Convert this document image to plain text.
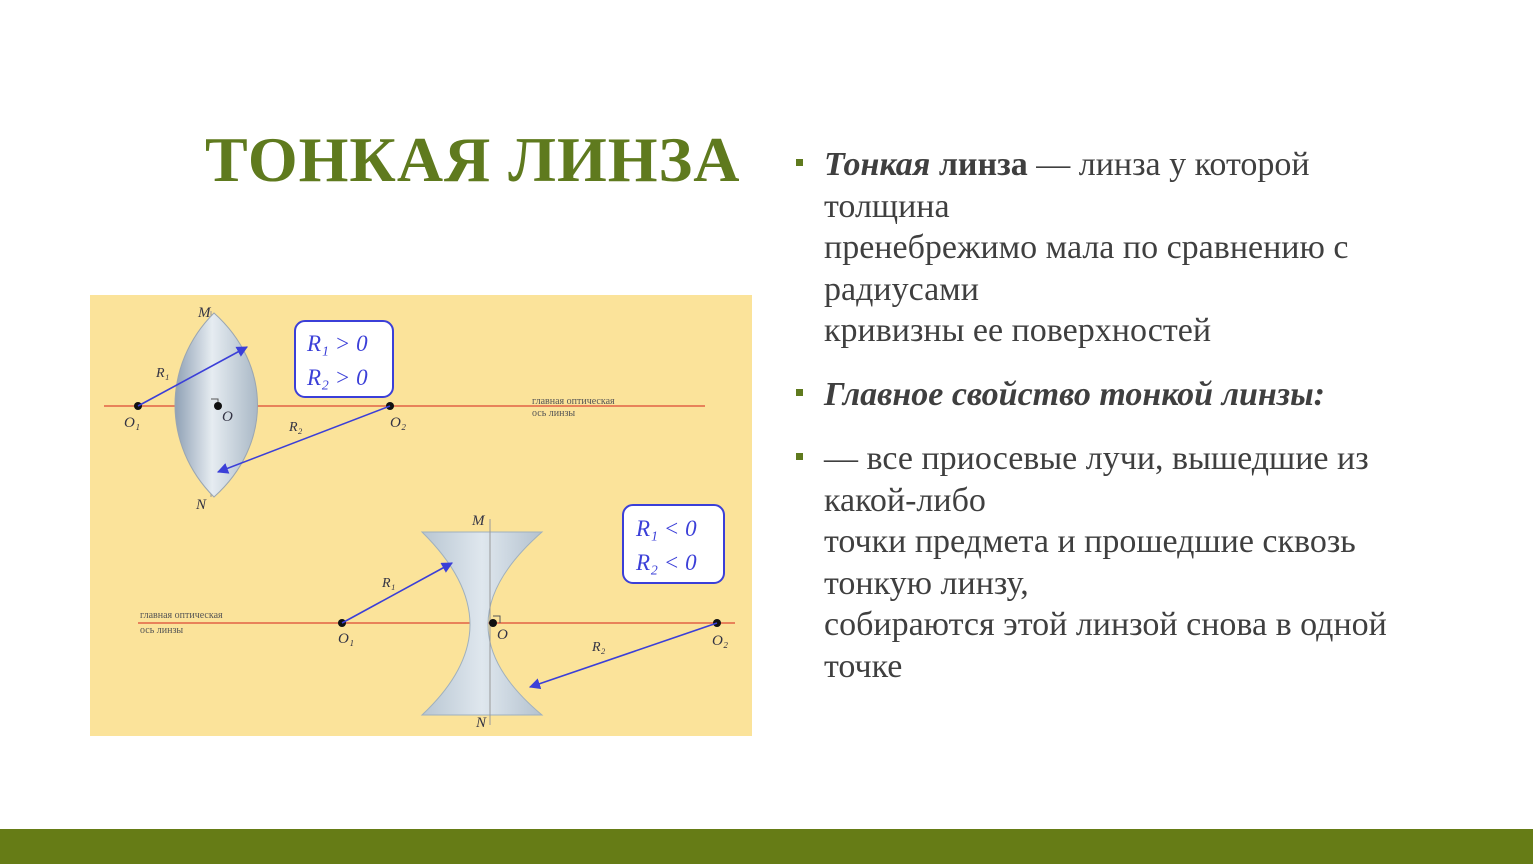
ТОНКАЯ ЛИНЗА
M
N
O
O₁	O₂
R₁
R₂
главная оптическая
ось линзы
R₁ > 0
R₂ > 0
M
N
O
O₁	O₂
R₁
R₂
главная оптическая
ось линзы
R₁ < 0
R₂ < 0
Тонкая линза — линза у которой
толщина
пренебрежимо мала по сравнению с
радиусами
кривизны ее поверхностей
Главное свойство тонкой линзы:
— все приосевые лучи, вышедшие из
какой-либо
точки предмета и прошедшие сквозь
тонкую линзу,
собираются этой линзой снова в одной
точке
